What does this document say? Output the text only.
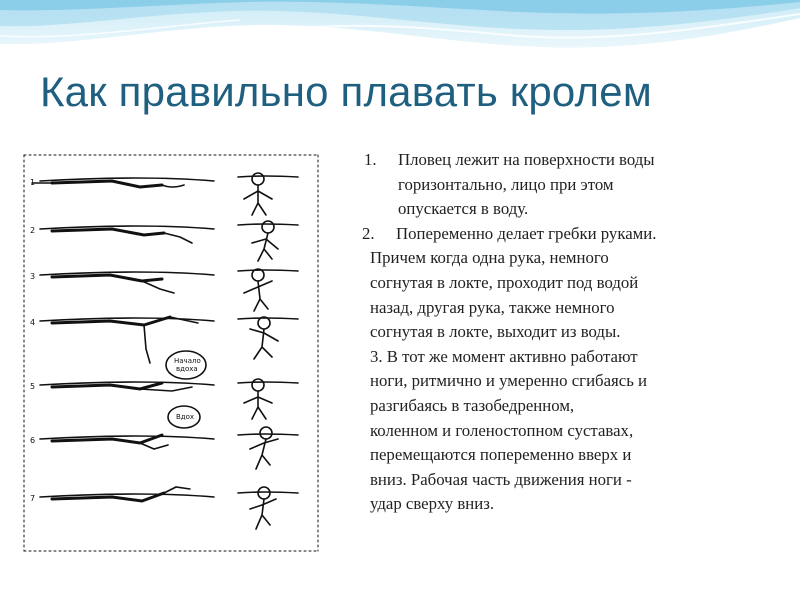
Как правильно плавать кролем
1
2
3
4
5
6
7
Начало
вдоха
Вдох
1.	Пловец лежит на поверхности воды
горизонтально, лицо при этом
опускается в воду.
2. Попеременно делает гребки руками.
Причем когда одна рука, немного
согнутая в локте, проходит под водой
назад, другая рука, также немного
согнутая в локте, выходит из воды.
3. В тот же момент активно работают
ноги, ритмично и умеренно сгибаясь и
разгибаясь в тазобедренном,
коленном и голеностопном суставах,
перемещаются попеременно вверх и
вниз. Рабочая часть движения ноги -
удар сверху вниз.
